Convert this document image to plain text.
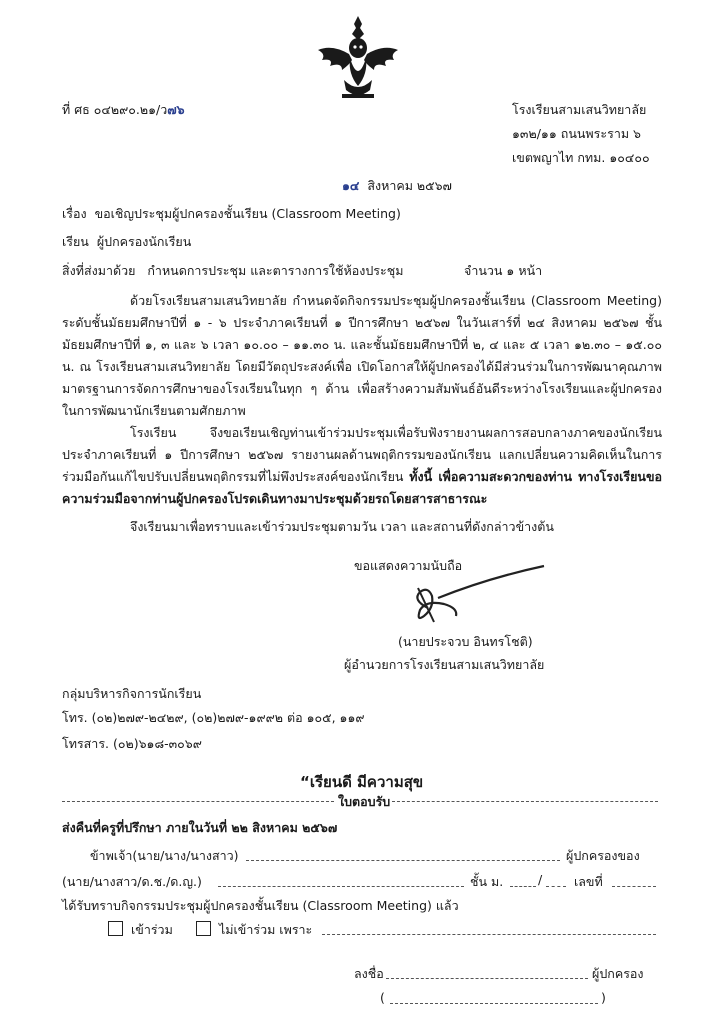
ที่ ศธ ๐๔๒๙๐.๒๑/ว๗๖	โรงเรียนสามเสนวิทยาลัย
๑๓๒/๑๑ ถนนพระราม ๖
เขตพญาไท กทม. ๑๐๔๐๐
๑๔ สิงหาคม ๒๕๖๗
เรื่อง ขอเชิญประชุมผู้ปกครองชั้นเรียน (Classroom Meeting)
เรียน ผู้ปกครองนักเรียน
สิ่งที่ส่งมาด้วย กำหนดการประชุม และตารางการใช้ห้องประชุม	จำนวน ๑ หน้า

ด้วยโรงเรียนสามเสนวิทยาลัย กำหนดจัดกิจกรรมประชุมผู้ปกครองชั้นเรียน (Classroom Meeting) ระดับชั้นมัธยมศึกษาปีที่ ๑ - ๖ ประจำภาคเรียนที่ ๑ ปีการศึกษา ๒๕๖๗ ในวันเสาร์ที่ ๒๔ สิงหาคม ๒๕๖๗ ชั้นมัธยมศึกษาปีที่ ๑, ๓ และ ๖ เวลา ๑๐.๐๐ – ๑๑.๓๐ น. และชั้นมัธยมศึกษาปีที่ ๒, ๔ และ ๕ เวลา ๑๒.๓๐ – ๑๕.๐๐ น. ณ โรงเรียนสามเสนวิทยาลัย โดยมีวัตถุประสงค์เพื่อ เปิดโอกาสให้ผู้ปกครองได้มีส่วนร่วมในการพัฒนาคุณภาพมาตรฐานการจัดการศึกษาของโรงเรียนในทุก ๆ ด้าน เพื่อสร้างความสัมพันธ์อันดีระหว่างโรงเรียนและผู้ปกครอง ในการพัฒนานักเรียนตามศักยภาพ

โรงเรียน จึงขอเรียนเชิญท่านเข้าร่วมประชุมเพื่อรับฟังรายงานผลการสอบกลางภาคของนักเรียน ประจำภาคเรียนที่ ๑ ปีการศึกษา ๒๕๖๗ รายงานผลด้านพฤติกรรมของนักเรียน แลกเปลี่ยนความคิดเห็นในการร่วมมือกันแก้ไขปรับเปลี่ยนพฤติกรรมที่ไม่พึงประสงค์ของนักเรียน ทั้งนี้ เพื่อความสะดวกของท่าน ทางโรงเรียนขอความร่วมมือจากท่านผู้ปกครองโปรดเดินทางมาประชุมด้วยรถโดยสารสาธารณะ

จึงเรียนมาเพื่อทราบและเข้าร่วมประชุมตามวัน เวลา และสถานที่ดังกล่าวข้างต้น

ขอแสดงความนับถือ
(นายประจวบ อินทรโชติ)
ผู้อำนวยการโรงเรียนสามเสนวิทยาลัย
กลุ่มบริหารกิจการนักเรียน
โทร. (๐๒)๒๗๙-๒๔๒๙, (๐๒)๒๗๙-๑๙๙๒ ต่อ ๑๐๕, ๑๑๙
โทรสาร. (๐๒)๖๑๘-๓๐๖๙
“เรียนดี มีความสุข
ใบตอบรับ
ส่งคืนที่ครูที่ปรึกษา ภายในวันที่ ๒๒ สิงหาคม ๒๕๖๗
ข้าพเจ้า(นาย/นาง/นางสาว)	ผู้ปกครองของ
(นาย/นางสาว/ด.ช./ด.ญ.)	ชั้น ม.	/	เลขที่
ได้รับทราบกิจกรรมประชุมผู้ปกครองชั้นเรียน (Classroom Meeting) แล้ว
เข้าร่วม	ไม่เข้าร่วม เพราะ
ลงชื่อ	ผู้ปกครอง
(	)
